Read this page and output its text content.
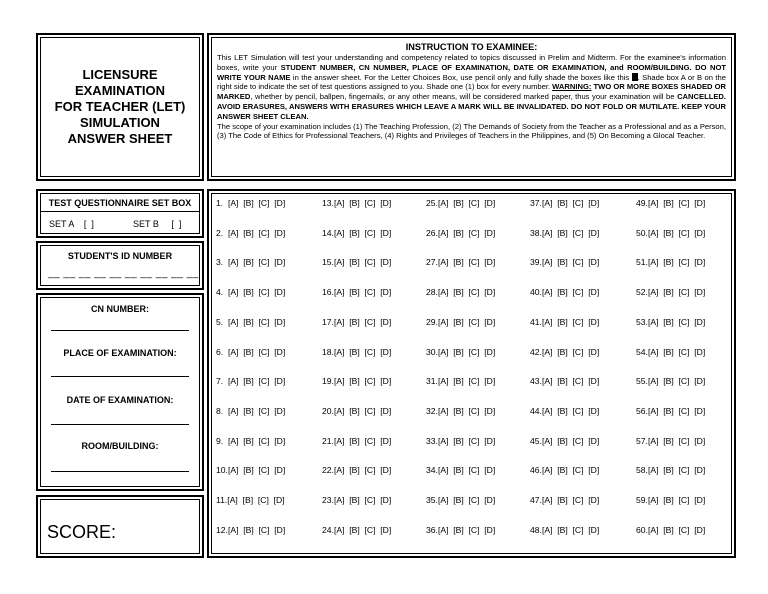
LICENSURE EXAMINATION
FOR TEACHER (LET)
SIMULATION
ANSWER SHEET
INSTRUCTION TO EXAMINEE:
This LET Simulation will test your understanding and competency related to topics discussed in Prelim and Midterm. For the examinee's information boxes, write your STUDENT NUMBER, CN NUMBER, PLACE OF EXAMINATION, DATE OR EXAMINATION, and ROOM/BUILDING. DO NOT WRITE YOUR NAME in the answer sheet. For the Letter Choices Box, use pencil only and fully shade the boxes like this . Shade box A or B on the right side to indicate the set of test questions assigned to you. Shade one (1) box for every number. WARNING: TWO OR MORE BOXES SHADED OR MARKED, whether by pencil, ballpen, fingernails, or any other means, will be considered marked paper, thus your examination will be CANCELLED. AVOID ERASURES, ANSWERS WITH ERASURES WHICH LEAVE A MARK WILL BE INVALIDATED. DO NOT FOLD OR MUTILATE. KEEP YOUR ANSWER SHEET CLEAN.
The scope of your examination includes (1) The Teaching Profession, (2) The Demands of Society from the Teacher as a Professional and as a Person, (3) The Code of Ethics for Professional Teachers, (4) Rights and Privileges of Teachers in the Philippines, and (5) On Becoming a Glocal Teacher.
TEST QUESTIONNAIRE SET BOX
SET A    [  ]	SET B     [  ]
STUDENT'S ID NUMBER
__ __ __ __ __ __ __ __ __ __ __
CN NUMBER:
PLACE OF EXAMINATION:
DATE OF EXAMINATION:
ROOM/BUILDING:
SCORE:
1.  [A]  [B]  [C]  [D]
2.  [A]  [B]  [C]  [D]
3.  [A]  [B]  [C]  [D]
4.  [A]  [B]  [C]  [D]
5.  [A]  [B]  [C]  [D]
6.  [A]  [B]  [C]  [D]
7.  [A]  [B]  [C]  [D]
8.  [A]  [B]  [C]  [D]
9.  [A]  [B]  [C]  [D]
10.[A]  [B]  [C]  [D]
11.[A]  [B]  [C]  [D]
12.[A]  [B]  [C]  [D]
13.[A]  [B]  [C]  [D]
14.[A]  [B]  [C]  [D]
15.[A]  [B]  [C]  [D]
16.[A]  [B]  [C]  [D]
17.[A]  [B]  [C]  [D]
18.[A]  [B]  [C]  [D]
19.[A]  [B]  [C]  [D]
20.[A]  [B]  [C]  [D]
21.[A]  [B]  [C]  [D]
22.[A]  [B]  [C]  [D]
23.[A]  [B]  [C]  [D]
24.[A]  [B]  [C]  [D]
25.[A]  [B]  [C]  [D]
26.[A]  [B]  [C]  [D]
27.[A]  [B]  [C]  [D]
28.[A]  [B]  [C]  [D]
29.[A]  [B]  [C]  [D]
30.[A]  [B]  [C]  [D]
31.[A]  [B]  [C]  [D]
32.[A]  [B]  [C]  [D]
33.[A]  [B]  [C]  [D]
34.[A]  [B]  [C]  [D]
35.[A]  [B]  [C]  [D]
36.[A]  [B]  [C]  [D]
37.[A]  [B]  [C]  [D]
38.[A]  [B]  [C]  [D]
39.[A]  [B]  [C]  [D]
40.[A]  [B]  [C]  [D]
41.[A]  [B]  [C]  [D]
42.[A]  [B]  [C]  [D]
43.[A]  [B]  [C]  [D]
44.[A]  [B]  [C]  [D]
45.[A]  [B]  [C]  [D]
46.[A]  [B]  [C]  [D]
47.[A]  [B]  [C]  [D]
48.[A]  [B]  [C]  [D]
49.[A]  [B]  [C]  [D]
50.[A]  [B]  [C]  [D]
51.[A]  [B]  [C]  [D]
52.[A]  [B]  [C]  [D]
53.[A]  [B]  [C]  [D]
54.[A]  [B]  [C]  [D]
55.[A]  [B]  [C]  [D]
56.[A]  [B]  [C]  [D]
57.[A]  [B]  [C]  [D]
58.[A]  [B]  [C]  [D]
59.[A]  [B]  [C]  [D]
60.[A]  [B]  [C]  [D]
